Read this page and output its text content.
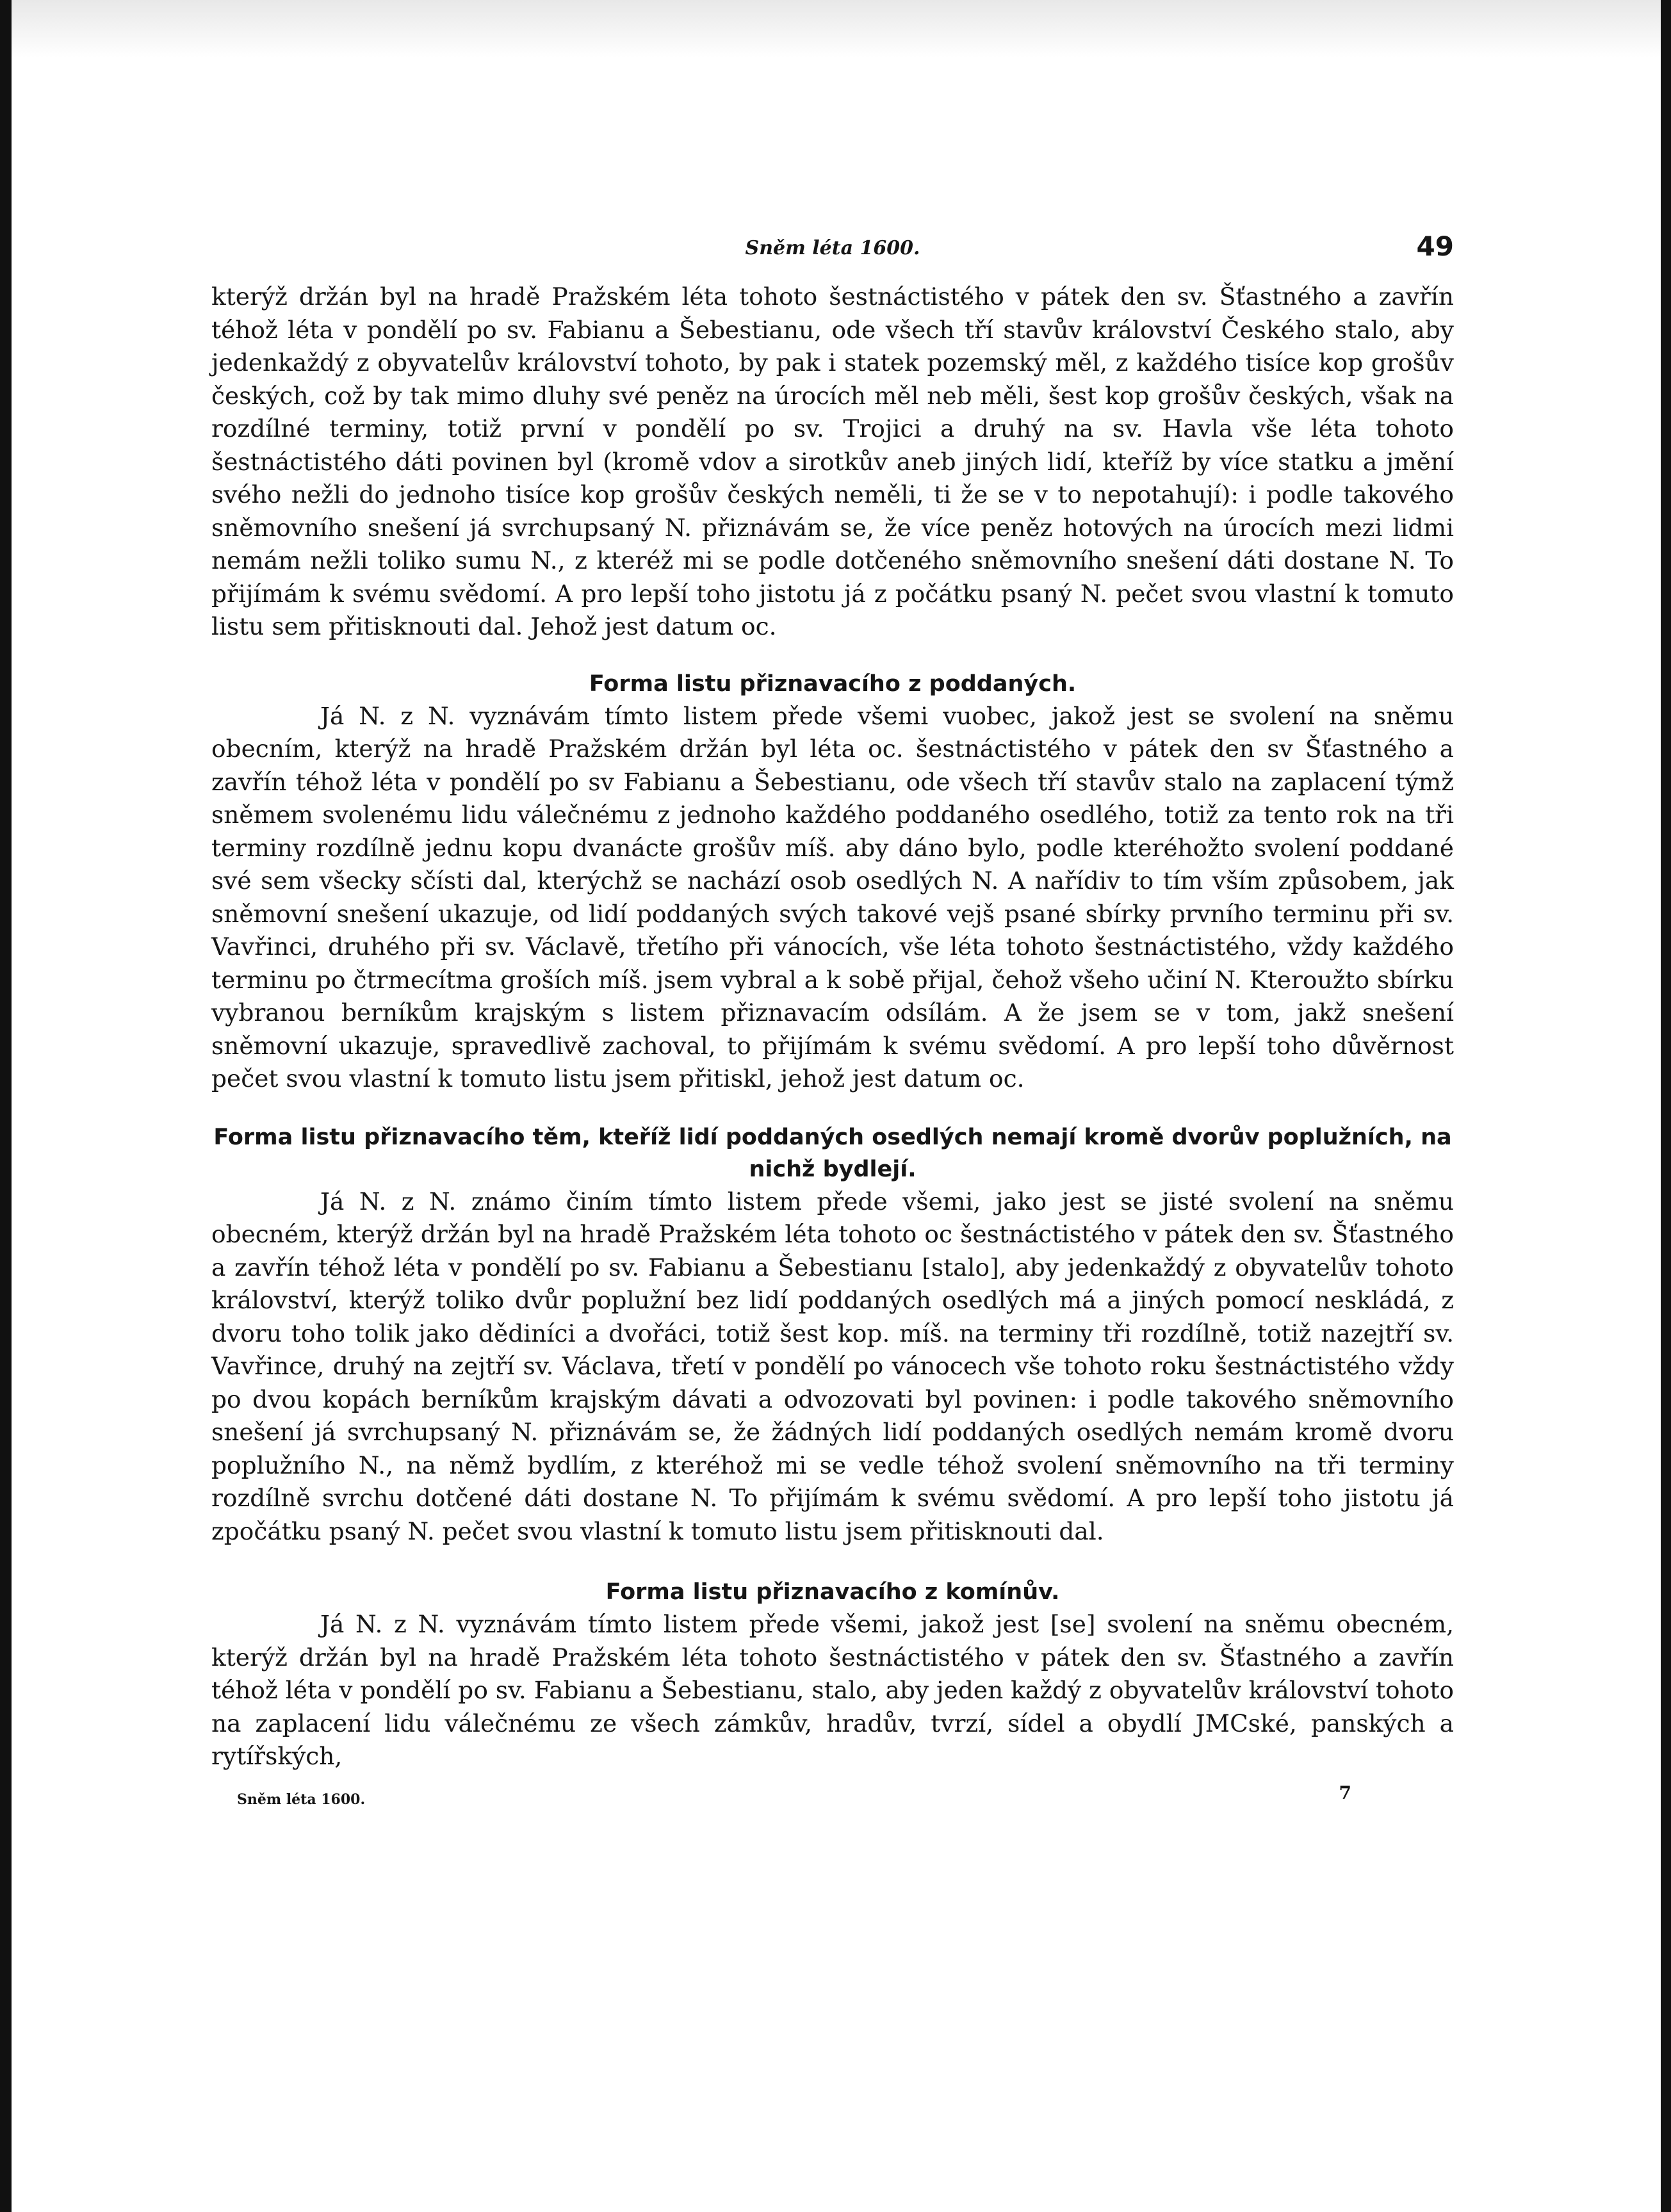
Sněm léta 1600.	49

kterýž držán byl na hradě Pražském léta tohoto šestnáctistého v pátek den sv. Šťastného a zavřín téhož léta v pondělí po sv. Fabianu a Šebestianu, ode všech tří stavův království Českého stalo, aby jedenkaždý z obyvatelův království tohoto, by pak i statek pozemský měl, z každého tisíce kop grošův českých, což by tak mimo dluhy své peněz na úrocích měl neb měli, šest kop grošův českých, však na rozdílné terminy, totiž první v pondělí po sv. Trojici a druhý na sv. Havla vše léta tohoto šestnáctistého dáti povinen byl (kromě vdov a sirotkův aneb jiných lidí, kteříž by více statku a jmění svého nežli do jednoho tisíce kop grošův českých neměli, ti že se v to nepotahují): i podle takového sněmovního snešení já svrchupsaný N. přiznávám se, že více peněz hotových na úrocích mezi lidmi nemám nežli toliko sumu N., z kteréž mi se podle dotčeného sněmovního snešení dáti dostane N. To přijímám k svému svědomí. A pro lepší toho jistotu já z počátku psaný N. pečet svou vlastní k tomuto listu sem přitisknouti dal. Jehož jest datum oc.

Forma listu přiznavacího z poddaných.

Já N. z N. vyznávám tímto listem přede všemi vuobec, jakož jest se svolení na sněmu obecním, kterýž na hradě Pražském držán byl léta oc. šestnáctistého v pátek den sv Šťastného a zavřín téhož léta v pondělí po sv Fabianu a Šebestianu, ode všech tří stavův stalo na zaplacení týmž sněmem svolenému lidu válečnému z jednoho každého poddaného osedlého, totiž za tento rok na tři terminy rozdílně jednu kopu dvanácte grošův míš. aby dáno bylo, podle kteréhožto svolení poddané své sem všecky sčísti dal, kterýchž se nachází osob osedlých N. A nařídiv to tím vším způsobem, jak sněmovní snešení ukazuje, od lidí poddaných svých takové vejš psané sbírky prvního terminu při sv. Vavřinci, druhého při sv. Václavě, třetího při vánocích, vše léta tohoto šestnáctistého, vždy každého terminu po čtrmecítma groších míš. jsem vybral a k sobě přijal, čehož všeho učiní N. Kteroužto sbírku vybranou berníkům krajským s listem přiznavacím odsílám. A že jsem se v tom, jakž snešení sněmovní ukazuje, spravedlivě zachoval, to přijímám k svému svědomí. A pro lepší toho důvěrnost pečet svou vlastní k tomuto listu jsem přitiskl, jehož jest datum oc.

Forma listu přiznavacího těm, kteříž lidí poddaných osedlých nemají kromě dvorův poplužních, na nichž bydlejí.

Já N. z N. známo činím tímto listem přede všemi, jako jest se jisté svolení na sněmu obecném, kterýž držán byl na hradě Pražském léta tohoto oc šestnáctistého v pátek den sv. Šťastného a zavřín téhož léta v pondělí po sv. Fabianu a Šebestianu [stalo], aby jedenkaždý z obyvatelův tohoto království, kterýž toliko dvůr poplužní bez lidí poddaných osedlých má a jiných pomocí neskládá, z dvoru toho tolik jako dědiníci a dvořáci, totiž šest kop. míš. na terminy tři rozdílně, totiž nazejtří sv. Vavřince, druhý na zejtří sv. Václava, třetí v pondělí po vánocech vše tohoto roku šestnáctistého vždy po dvou kopách berníkům krajským dávati a odvozovati byl povinen: i podle takového sněmovního snešení já svrchupsaný N. přiznávám se, že žádných lidí poddaných osedlých nemám kromě dvoru poplužního N., na němž bydlím, z kteréhož mi se vedle téhož svolení sněmovního na tři terminy rozdílně svrchu dotčené dáti dostane N. To přijímám k svému svědomí. A pro lepší toho jistotu já zpočátku psaný N. pečet svou vlastní k tomuto listu jsem přitisknouti dal.

Forma listu přiznavacího z komínův.

Já N. z N. vyznávám tímto listem přede všemi, jakož jest [se] svolení na sněmu obecném, kterýž držán byl na hradě Pražském léta tohoto šestnáctistého v pátek den sv. Šťastného a zavřín téhož léta v pondělí po sv. Fabianu a Šebestianu, stalo, aby jeden každý z obyvatelův království tohoto na zaplacení lidu válečnému ze všech zámkův, hradův, tvrzí, sídel a obydlí JMCské, panských a rytířských,

Sněm léta 1600.	7
